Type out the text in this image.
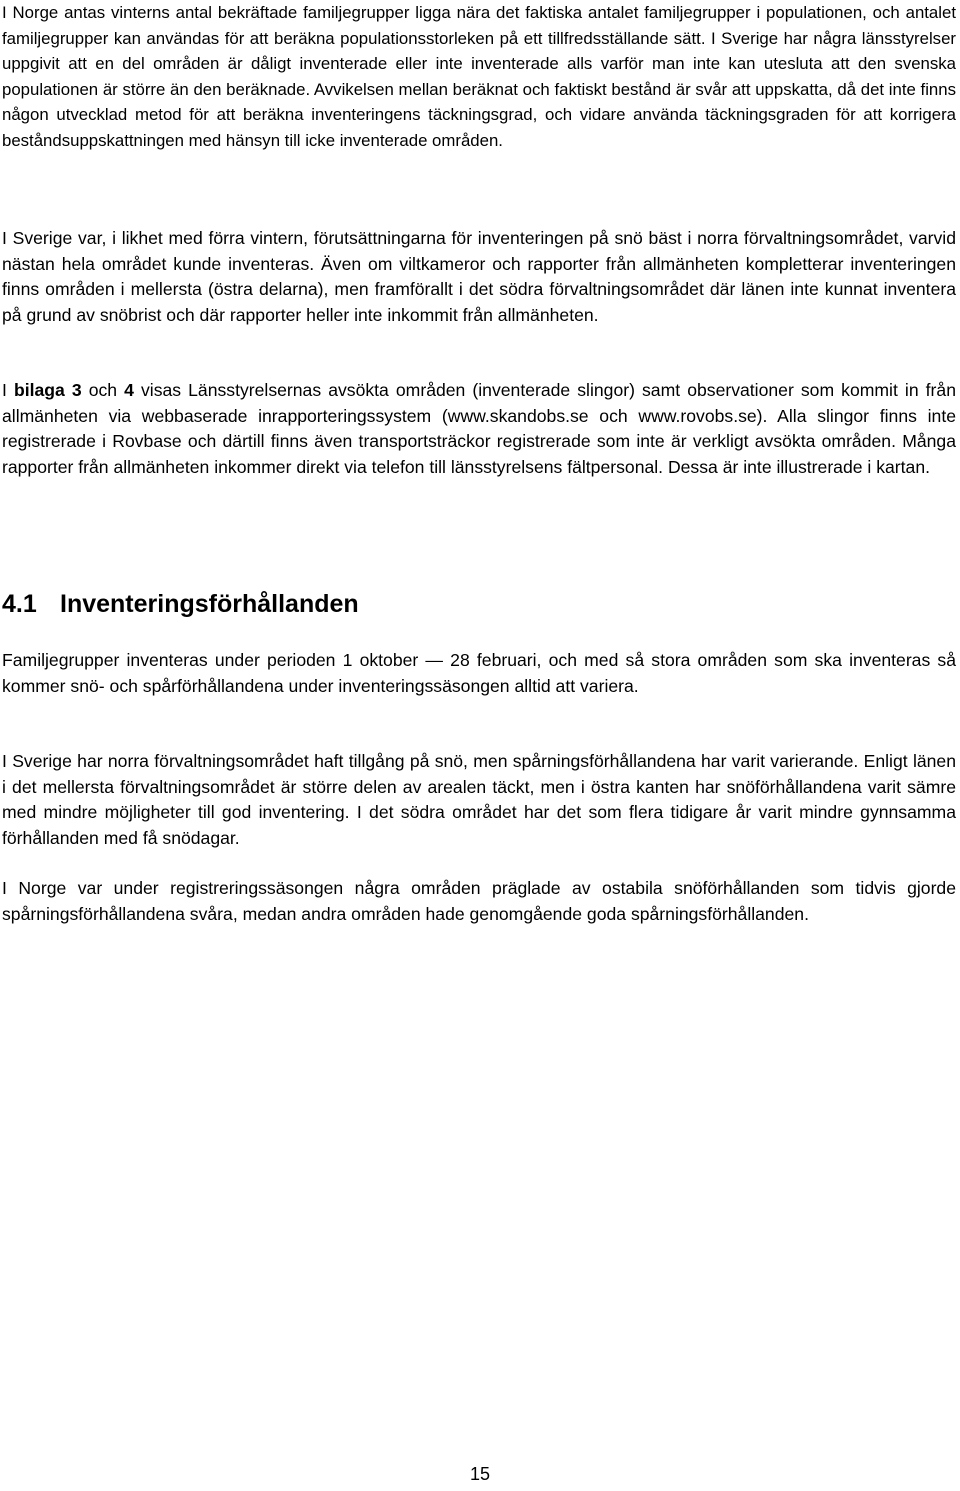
I Norge antas vinterns antal bekräftade familjegrupper ligga nära det faktiska antalet familjegrupper i populationen, och antalet familjegrupper kan användas för att beräkna populationsstorleken på ett tillfredsställande sätt. I Sverige har några länsstyrelser uppgivit att en del områden är dåligt inventerade eller inte inventerade alls varför man inte kan utesluta att den svenska populationen är större än den beräknade. Avvikelsen mellan beräknat och faktiskt bestånd är svår att uppskatta, då det inte finns någon utvecklad metod för att beräkna inventeringens täckningsgrad, och vidare använda täckningsgraden för att korrigera beståndsuppskattningen med hänsyn till icke inventerade områden.

I Sverige var, i likhet med förra vintern, förutsättningarna för inventeringen på snö bäst i norra förvaltningsområdet, varvid nästan hela området kunde inventeras. Även om viltkameror och rapporter från allmänheten kompletterar inventeringen finns områden i mellersta (östra delarna), men framförallt i det södra förvaltningsområdet där länen inte kunnat inventera på grund av snöbrist och där rapporter heller inte inkommit från allmänheten.

I bilaga 3 och 4 visas Länsstyrelsernas avsökta områden (inventerade slingor) samt observationer som kommit in från allmänheten via webbaserade inrapporteringssystem (www.skandobs.se och www.rovobs.se). Alla slingor finns inte registrerade i Rovbase och därtill finns även transportsträckor registrerade som inte är verkligt avsökta områden. Många rapporter från allmänheten inkommer direkt via telefon till länsstyrelsens fältpersonal. Dessa är inte illustrerade i kartan.

4.1 Inventeringsförhållanden

Familjegrupper inventeras under perioden 1 oktober — 28 februari, och med så stora områden som ska inventeras så kommer snö- och spårförhållandena under inventeringssäsongen alltid att variera.

I Sverige har norra förvaltningsområdet haft tillgång på snö, men spårningsförhållandena har varit varierande. Enligt länen i det mellersta förvaltningsområdet är större delen av arealen täckt, men i östra kanten har snöförhållandena varit sämre med mindre möjligheter till god inventering. I det södra området har det som flera tidigare år varit mindre gynnsamma förhållanden med få snödagar.

I Norge var under registreringssäsongen några områden präglade av ostabila snöförhållanden som tidvis gjorde spårningsförhållandena svåra, medan andra områden hade genomgående goda spårningsförhållanden.

15
